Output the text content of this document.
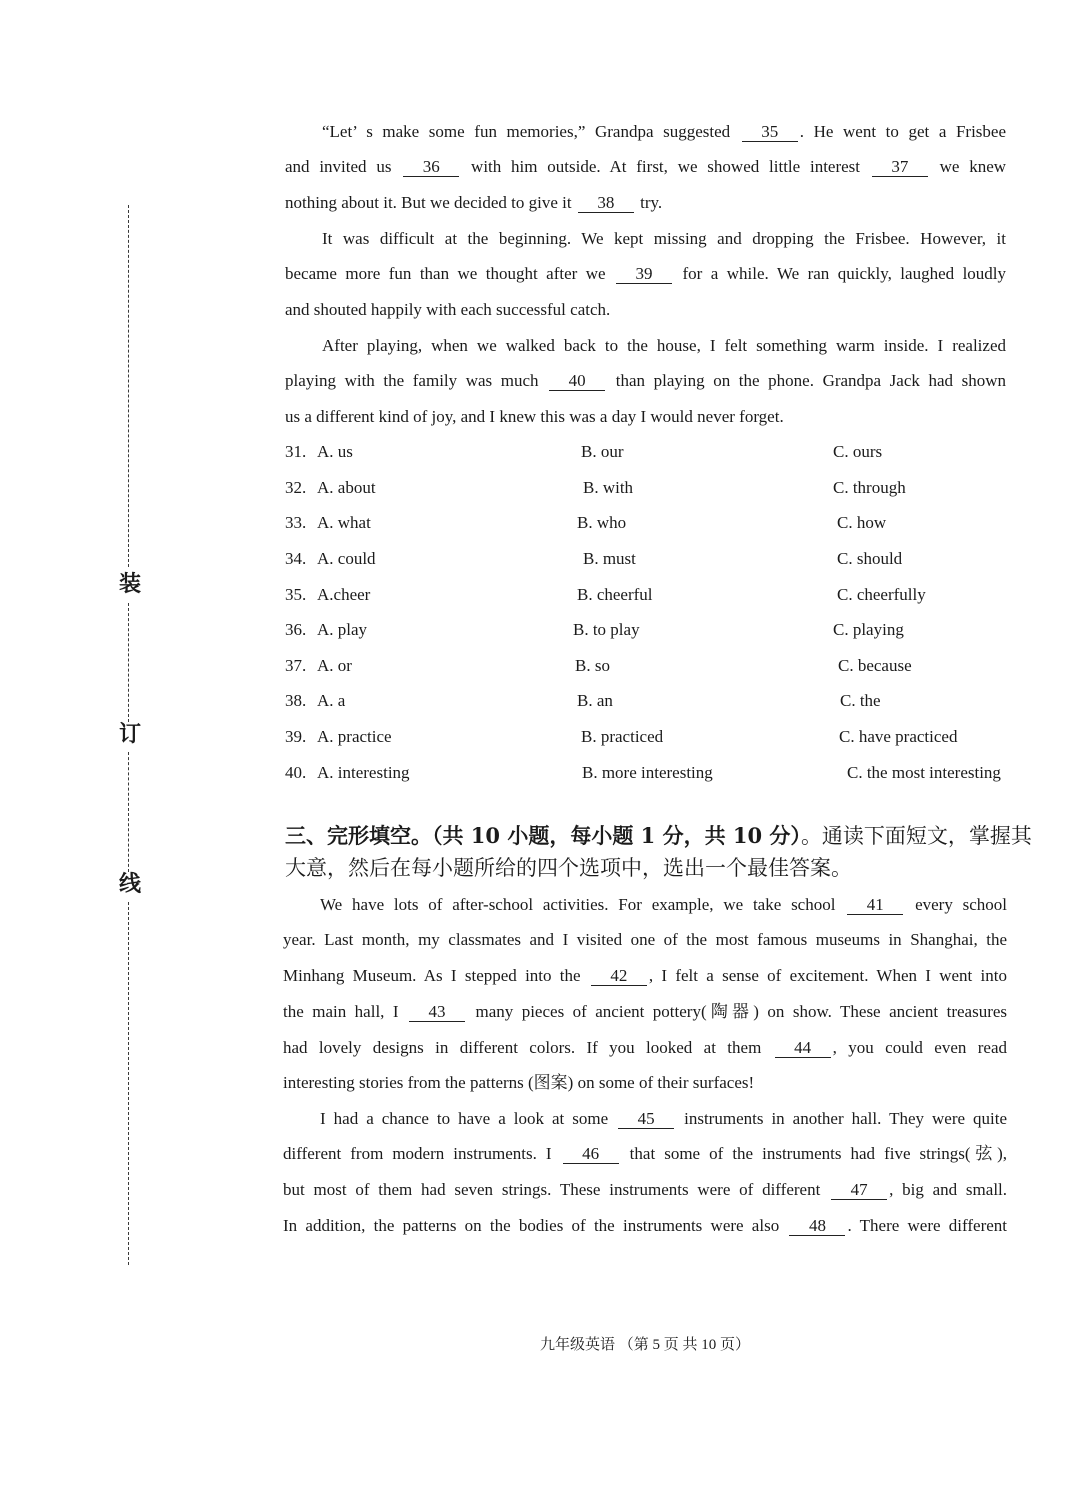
装
订
线
“Let’ s make some fun memories,” Grandpa suggested 35 . He went to get a Frisbee
and invited us 36 with him outside. At first, we showed little interest 37 we knew
nothing about it. But we decided to give it 38 try.
It was difficult at the beginning. We kept missing and dropping the Frisbee. However, it
became more fun than we thought after we 39 for a while. We ran quickly, laughed loudly
and shouted happily with each successful catch.
After playing, when we walked back to the house, I felt something warm inside. I realized
playing with the family was much 40 than playing on the phone. Grandpa Jack had shown
us a different kind of joy, and I knew this was a day I would never forget.
31. A. us	B. our	C. ours
32. A. about	B. with	C. through
33. A. what	B. who	C. how
34. A. could	B. must	C. should
35. A.cheer	B. cheerful	C. cheerfully
36. A. play	B. to play	C. playing
37. A. or	B. so	C. because
38. A. a	B. an	C. the
39. A. practice	B. practiced	C. have practiced
40. A. interesting	B. more interesting	C. the most interesting
三、完形填空。（共 10 小题，每小题 1 分，共 10 分）。通读下面短文，掌握其
大意，然后在每小题所给的四个选项中，选出一个最佳答案。
We have lots of after-school activities. For example, we take school 41 every school
year. Last month, my classmates and I visited one of the most famous museums in Shanghai, the
Minhang Museum. As I stepped into the 42 , I felt a sense of excitement. When I went into
the main hall, I 43 many pieces of ancient pottery(陶器) on show. These ancient treasures
had lovely designs in different colors. If you looked at them 44 , you could even read
interesting stories from the patterns (图案) on some of their surfaces!
I had a chance to have a look at some 45 instruments in another hall. They were quite
different from modern instruments. I 46 that some of the instruments had five strings(弦),
but most of them had seven strings. These instruments were of different 47 , big and small.
In addition, the patterns on the bodies of the instruments were also 48 . There were different
九年级英语 （第 5 页 共 10 页）
